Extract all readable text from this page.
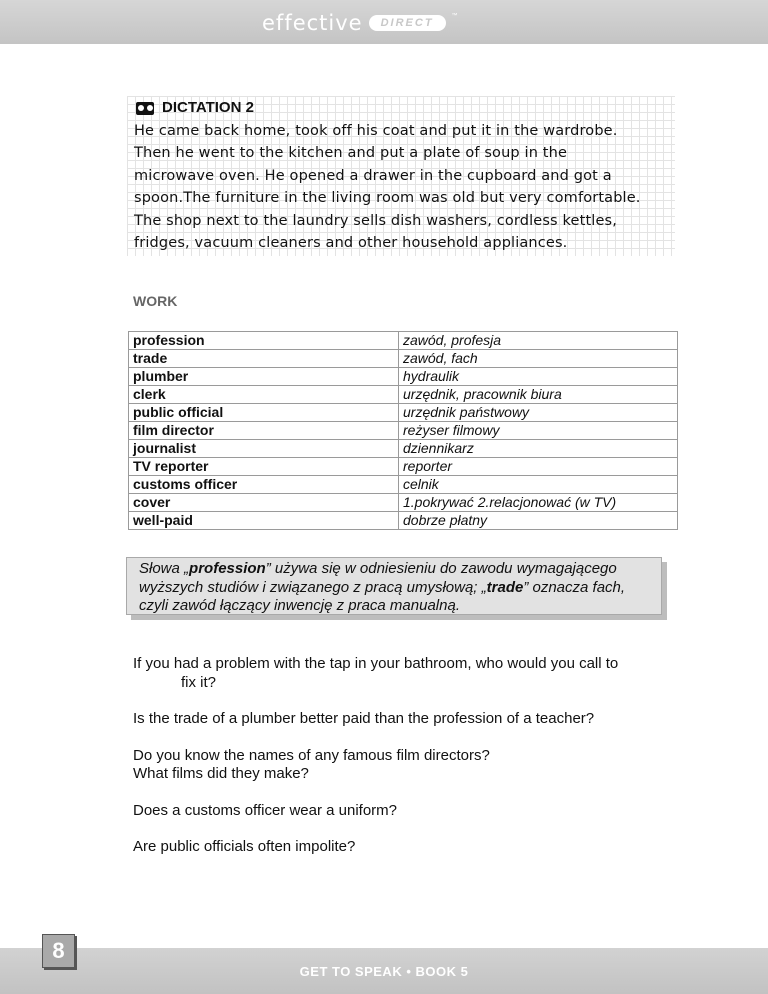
effective	DIRECT
™
DICTATION 2
He came back home, took off his coat and put it in the wardrobe.
Then he went to the kitchen and put a plate of soup in the
microwave oven. He opened a drawer in the cupboard and got a
spoon.The furniture in the living room was old but very comfortable.
The shop next to the laundry sells dish washers, cordless kettles,
fridges, vacuum cleaners and other household appliances.
WORK
profession	zawód, profesja
trade	zawód, fach
plumber	hydraulik
clerk	urzędnik, pracownik biura
public official	urzędnik państwowy
film director	reżyser filmowy
journalist	dziennikarz
TV reporter	reporter
customs officer	celnik
cover	1.pokrywać 2.relacjonować (w TV)
well-paid	dobrze płatny
Słowa „profession” używa się w odniesieniu do zawodu wymagającego wyższych studiów i związanego z pracą umysłową; „trade” oznacza fach, czyli zawód łączący inwencję z praca manualną.

If you had a problem with the tap in your bathroom, who would you call to
fix it?

Is the trade of a plumber better paid than the profession of a teacher?

Do you know the names of any famous film directors?
What films did they make?

Does a customs officer wear a uniform?

Are public officials often impolite?

GET TO SPEAK • BOOK 5
8
